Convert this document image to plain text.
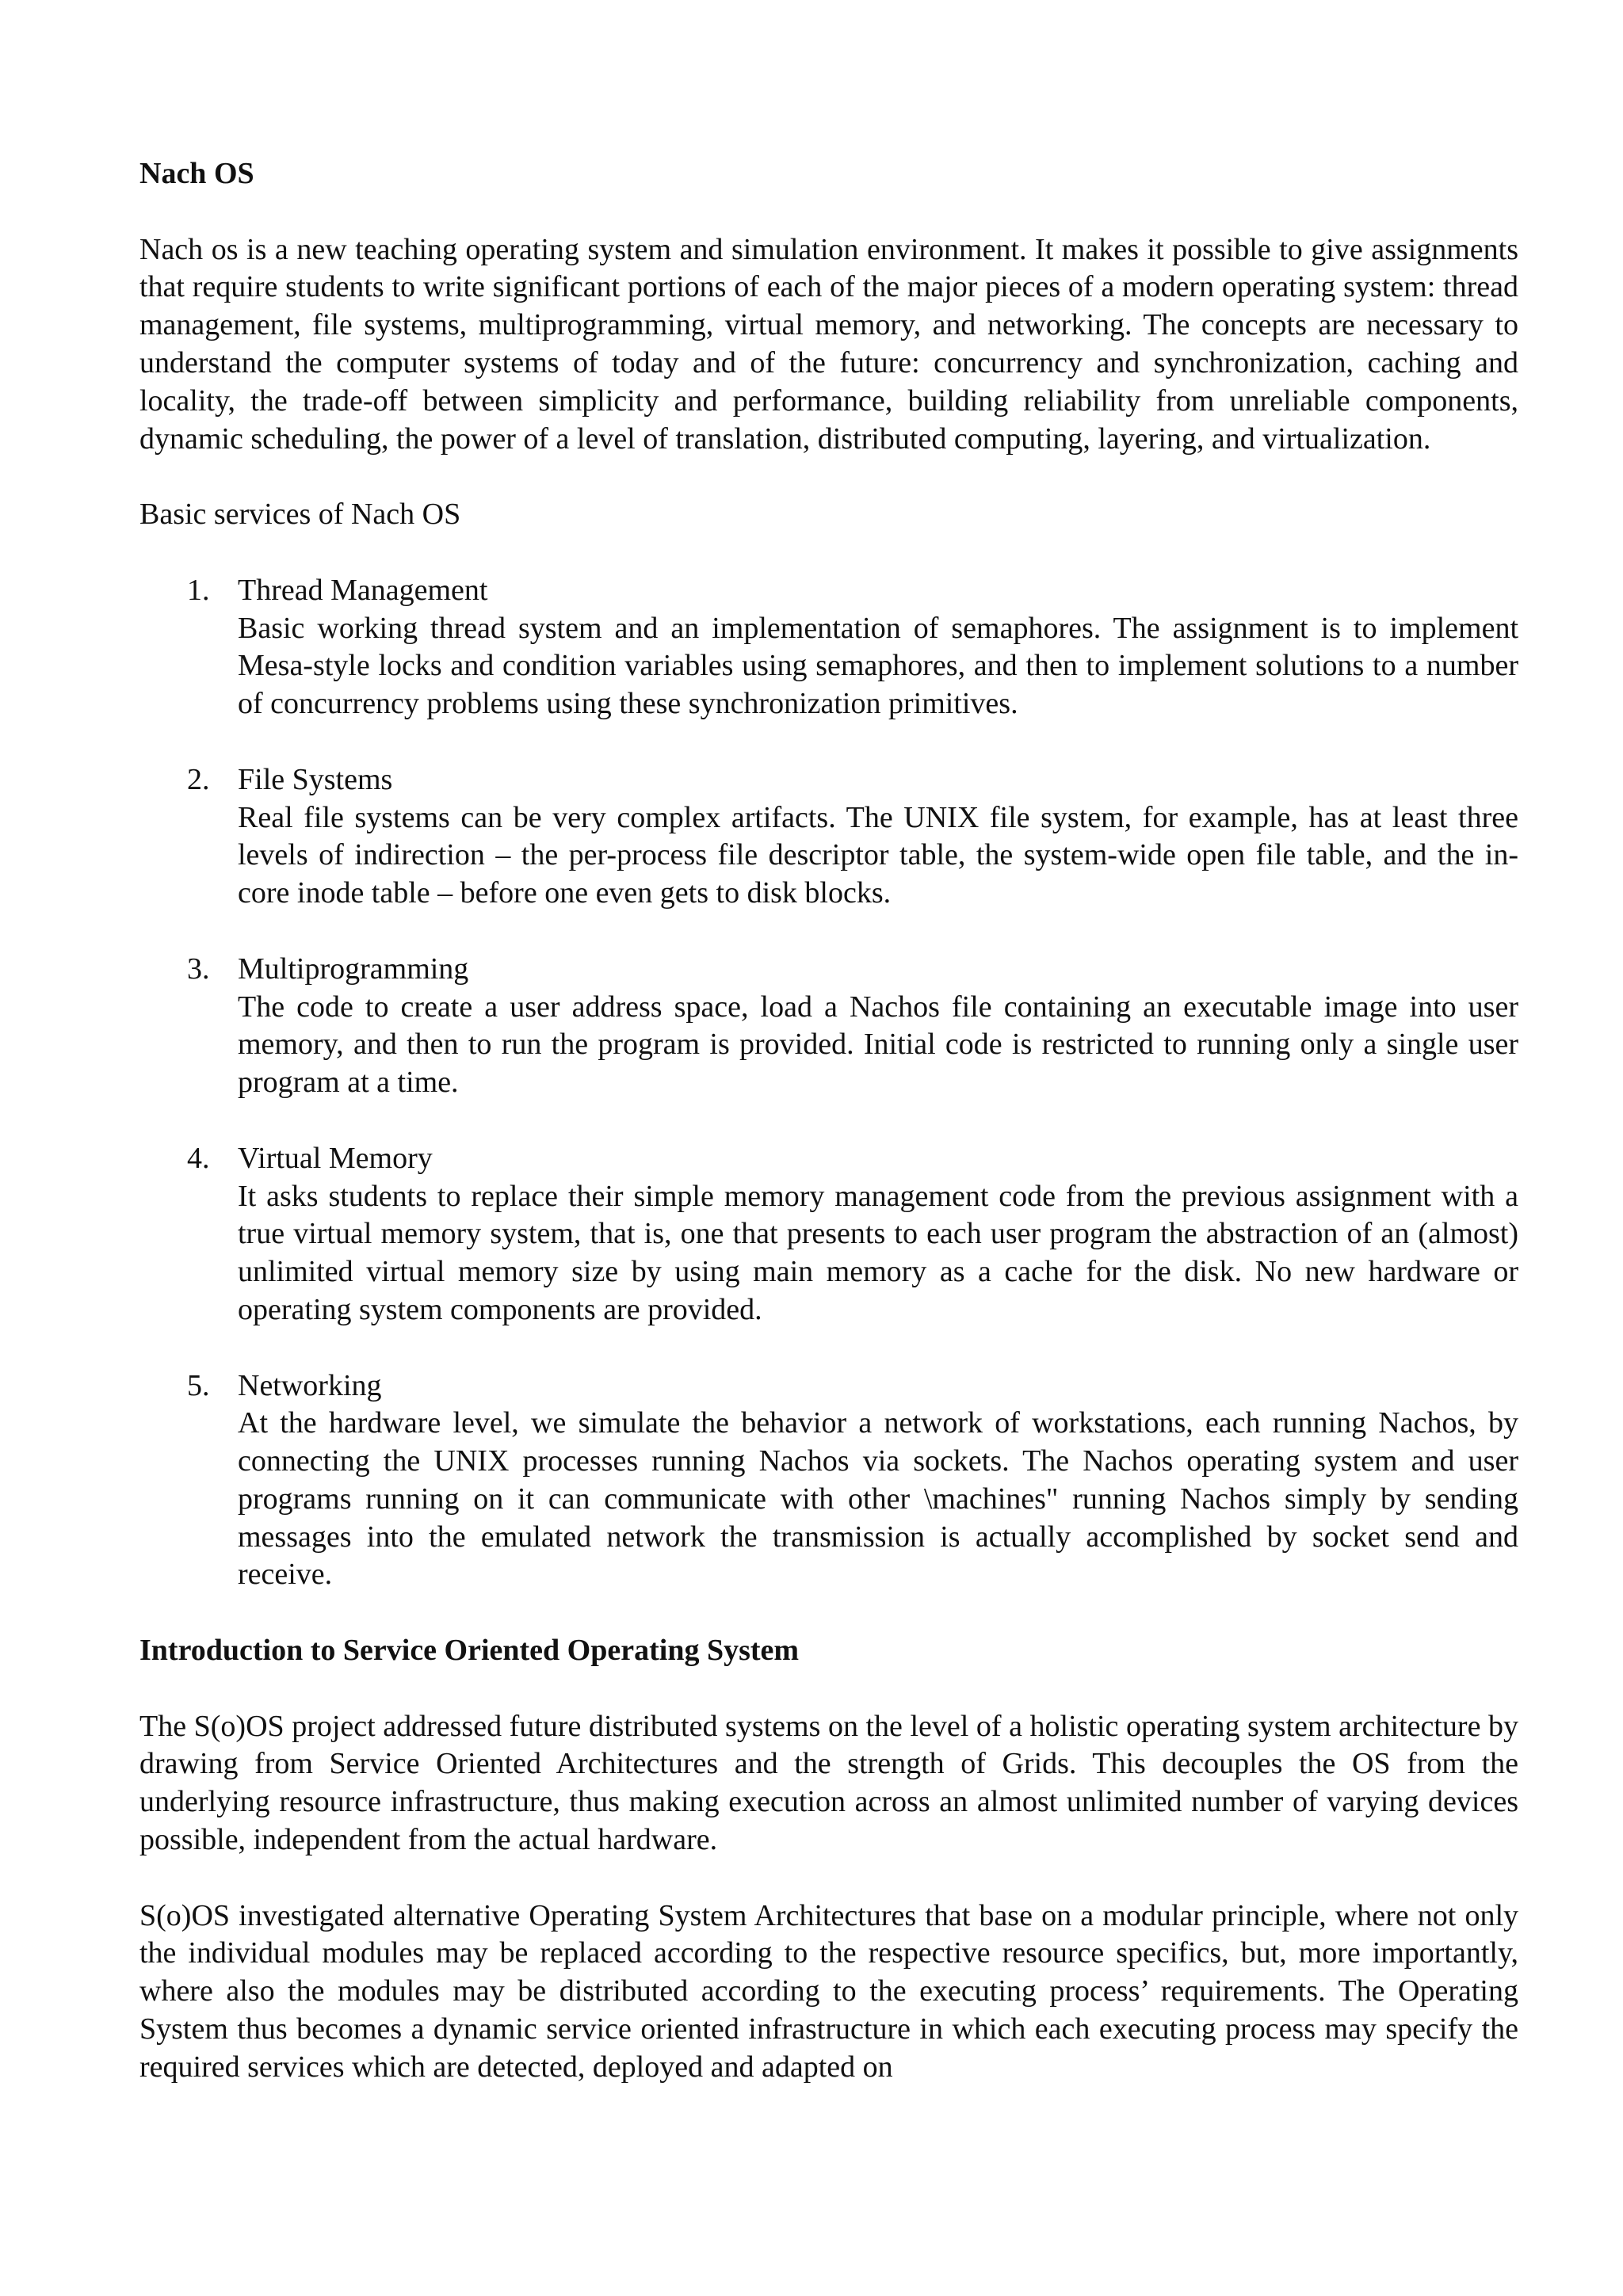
Nach OS

Nach os is a new teaching operating system and simulation environment. It makes it possible to give assignments that require students to write significant portions of each of the major pieces of a modern operating system: thread management, file systems, multiprogramming, virtual memory, and networking. The concepts are necessary to understand the computer systems of today and of the future: concurrency and synchronization, caching and locality, the trade-off between simplicity and performance, building reliability from unreliable components, dynamic scheduling, the power of a level of translation, distributed computing, layering, and virtualization.

Basic services of Nach OS

1. Thread Management
Basic working thread system and an implementation of semaphores. The assignment is to implement Mesa-style locks and condition variables using semaphores, and then to implement solutions to a number of concurrency problems using these synchronization primitives.
2. File Systems
Real file systems can be very complex artifacts. The UNIX file system, for example, has at least three levels of indirection – the per-process file descriptor table, the system-wide open file table, and the in-core inode table – before one even gets to disk blocks.
3. Multiprogramming
The code to create a user address space, load a Nachos file containing an executable image into user memory, and then to run the program is provided. Initial code is restricted to running only a single user program at a time.
4. Virtual Memory
It asks students to replace their simple memory management code from the previous assignment with a true virtual memory system, that is, one that presents to each user program the abstraction of an (almost) unlimited virtual memory size by using main memory as a cache for the disk. No new hardware or operating system components are provided.
5. Networking
At the hardware level, we simulate the behavior a network of workstations, each running Nachos, by connecting the UNIX processes running Nachos via sockets. The Nachos operating system and user programs running on it can communicate with other \machines" running Nachos simply by sending messages into the emulated network the transmission is actually accomplished by socket send and receive.
Introduction to Service Oriented Operating System

The S(o)OS project addressed future distributed systems on the level of a holistic operating system architecture by drawing from Service Oriented Architectures and the strength of Grids. This decouples the OS from the underlying resource infrastructure, thus making execution across an almost unlimited number of varying devices possible, independent from the actual hardware.

S(o)OS investigated alternative Operating System Architectures that base on a modular principle, where not only the individual modules may be replaced according to the respective resource specifics, but, more importantly, where also the modules may be distributed according to the executing process’ requirements. The Operating System thus becomes a dynamic service oriented infrastructure in which each executing process may specify the required services which are detected, deployed and adapted on
